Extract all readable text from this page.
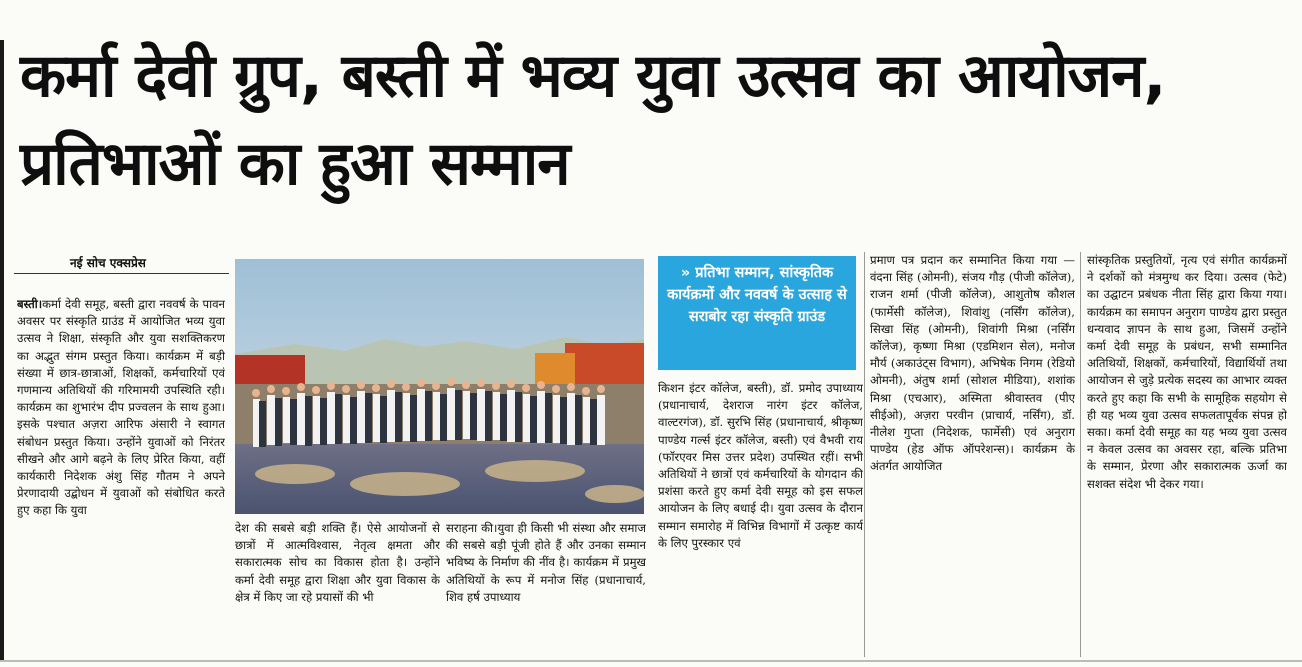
कर्मा देवी ग्रुप, बस्ती में भव्य युवा उत्सव का आयोजन, प्रतिभाओं का हुआ सम्मान
नई सोच एक्सप्रेस

बस्ती।कर्मा देवी समूह, बस्ती द्वारा नववर्ष के पावन अवसर पर संस्कृति ग्राउंड में आयोजित भव्य युवा उत्सव ने शिक्षा, संस्कृति और युवा सशक्तिकरण का अद्भुत संगम प्रस्तुत किया। कार्यक्रम में बड़ी संख्या में छात्र-छात्राओं, शिक्षकों, कर्मचारियों एवं गणमान्य अतिथियों की गरिमामयी उपस्थिति रही। कार्यक्रम का शुभारंभ दीप प्रज्वलन के साथ हुआ। इसके पश्चात अज़रा आरिफ अंसारी ने स्वागत संबोधन प्रस्तुत किया। उन्होंने युवाओं को निरंतर सीखने और आगे बढ़ने के लिए प्रेरित किया, वहीं कार्यकारी निदेशक अंशु सिंह गौतम ने अपने प्रेरणादायी उद्बोधन में युवाओं को संबोधित करते हुए कहा कि युवा

देश की सबसे बड़ी शक्ति हैं। ऐसे आयोजनों से छात्रों में आत्मविश्वास, नेतृत्व क्षमता और सकारात्मक सोच का विकास होता है। उन्होंने कर्मा देवी समूह द्वारा शिक्षा और युवा विकास के क्षेत्र में किए जा रहे प्रयासों की भी

सराहना की।युवा ही किसी भी संस्था और समाज की सबसे बड़ी पूंजी होते हैं और उनका सम्मान भविष्य के निर्माण की नींव है। कार्यक्रम में प्रमुख अतिथियों के रूप में मनोज सिंह (प्रधानाचार्य, शिव हर्ष उपाध्याय

» प्रतिभा सम्मान, सांस्कृतिक कार्यक्रमों और नववर्ष के उत्साह से सराबोर रहा संस्कृति ग्राउंड

किशन इंटर कॉलेज, बस्ती), डॉ. प्रमोद उपाध्याय (प्रधानाचार्य, देशराज नारंग इंटर कॉलेज, वाल्टरगंज), डॉ. सुरभि सिंह (प्रधानाचार्य, श्रीकृष्ण पाण्डेय गर्ल्स इंटर कॉलेज, बस्ती) एवं वैभवी राय (फॉरएवर मिस उत्तर प्रदेश) उपस्थित रहीं। सभी अतिथियों ने छात्रों एवं कर्मचारियों के योगदान की प्रशंसा करते हुए कर्मा देवी समूह को इस सफल आयोजन के लिए बधाई दी। युवा उत्सव के दौरान सम्मान समारोह में विभिन्न विभागों में उत्कृष्ट कार्य के लिए पुरस्कार एवं

प्रमाण पत्र प्रदान कर सम्मानित किया गया — वंदना सिंह (ओमनी), संजय गौड़ (पीजी कॉलेज), राजन शर्मा (पीजी कॉलेज), आशुतोष कौशल (फार्मेसी कॉलेज), शिवांशु (नर्सिंग कॉलेज), सिखा सिंह (ओमनी), शिवांगी मिश्रा (नर्सिंग कॉलेज), कृष्णा मिश्रा (एडमिशन सेल), मनोज मौर्य (अकाउंट्स विभाग), अभिषेक निगम (रेडियो ओमनी), अंतुष शर्मा (सोशल मीडिया), शशांक मिश्रा (एचआर), अस्मिता श्रीवास्तव (पीए सीईओ), अज़रा परवीन (प्राचार्य, नर्सिंग), डॉ. नीलेश गुप्ता (निदेशक, फार्मेसी) एवं अनुराग पाण्डेय (हेड ऑफ ऑपरेशन्स)। कार्यक्रम के अंतर्गत आयोजित

सांस्कृतिक प्रस्तुतियों, नृत्य एवं संगीत कार्यक्रमों ने दर्शकों को मंत्रमुग्ध कर दिया। उत्सव (फेटे) का उद्घाटन प्रबंधक नीता सिंह द्वारा किया गया। कार्यक्रम का समापन अनुराग पाण्डेय द्वारा प्रस्तुत धन्यवाद ज्ञापन के साथ हुआ, जिसमें उन्होंने कर्मा देवी समूह के प्रबंधन, सभी सम्मानित अतिथियों, शिक्षकों, कर्मचारियों, विद्यार्थियों तथा आयोजन से जुड़े प्रत्येक सदस्य का आभार व्यक्त करते हुए कहा कि सभी के सामूहिक सहयोग से ही यह भव्य युवा उत्सव सफलतापूर्वक संपन्न हो सका। कर्मा देवी समूह का यह भव्य युवा उत्सव न केवल उत्सव का अवसर रहा, बल्कि प्रतिभा के सम्मान, प्रेरणा और सकारात्मक ऊर्जा का सशक्त संदेश भी देकर गया।
